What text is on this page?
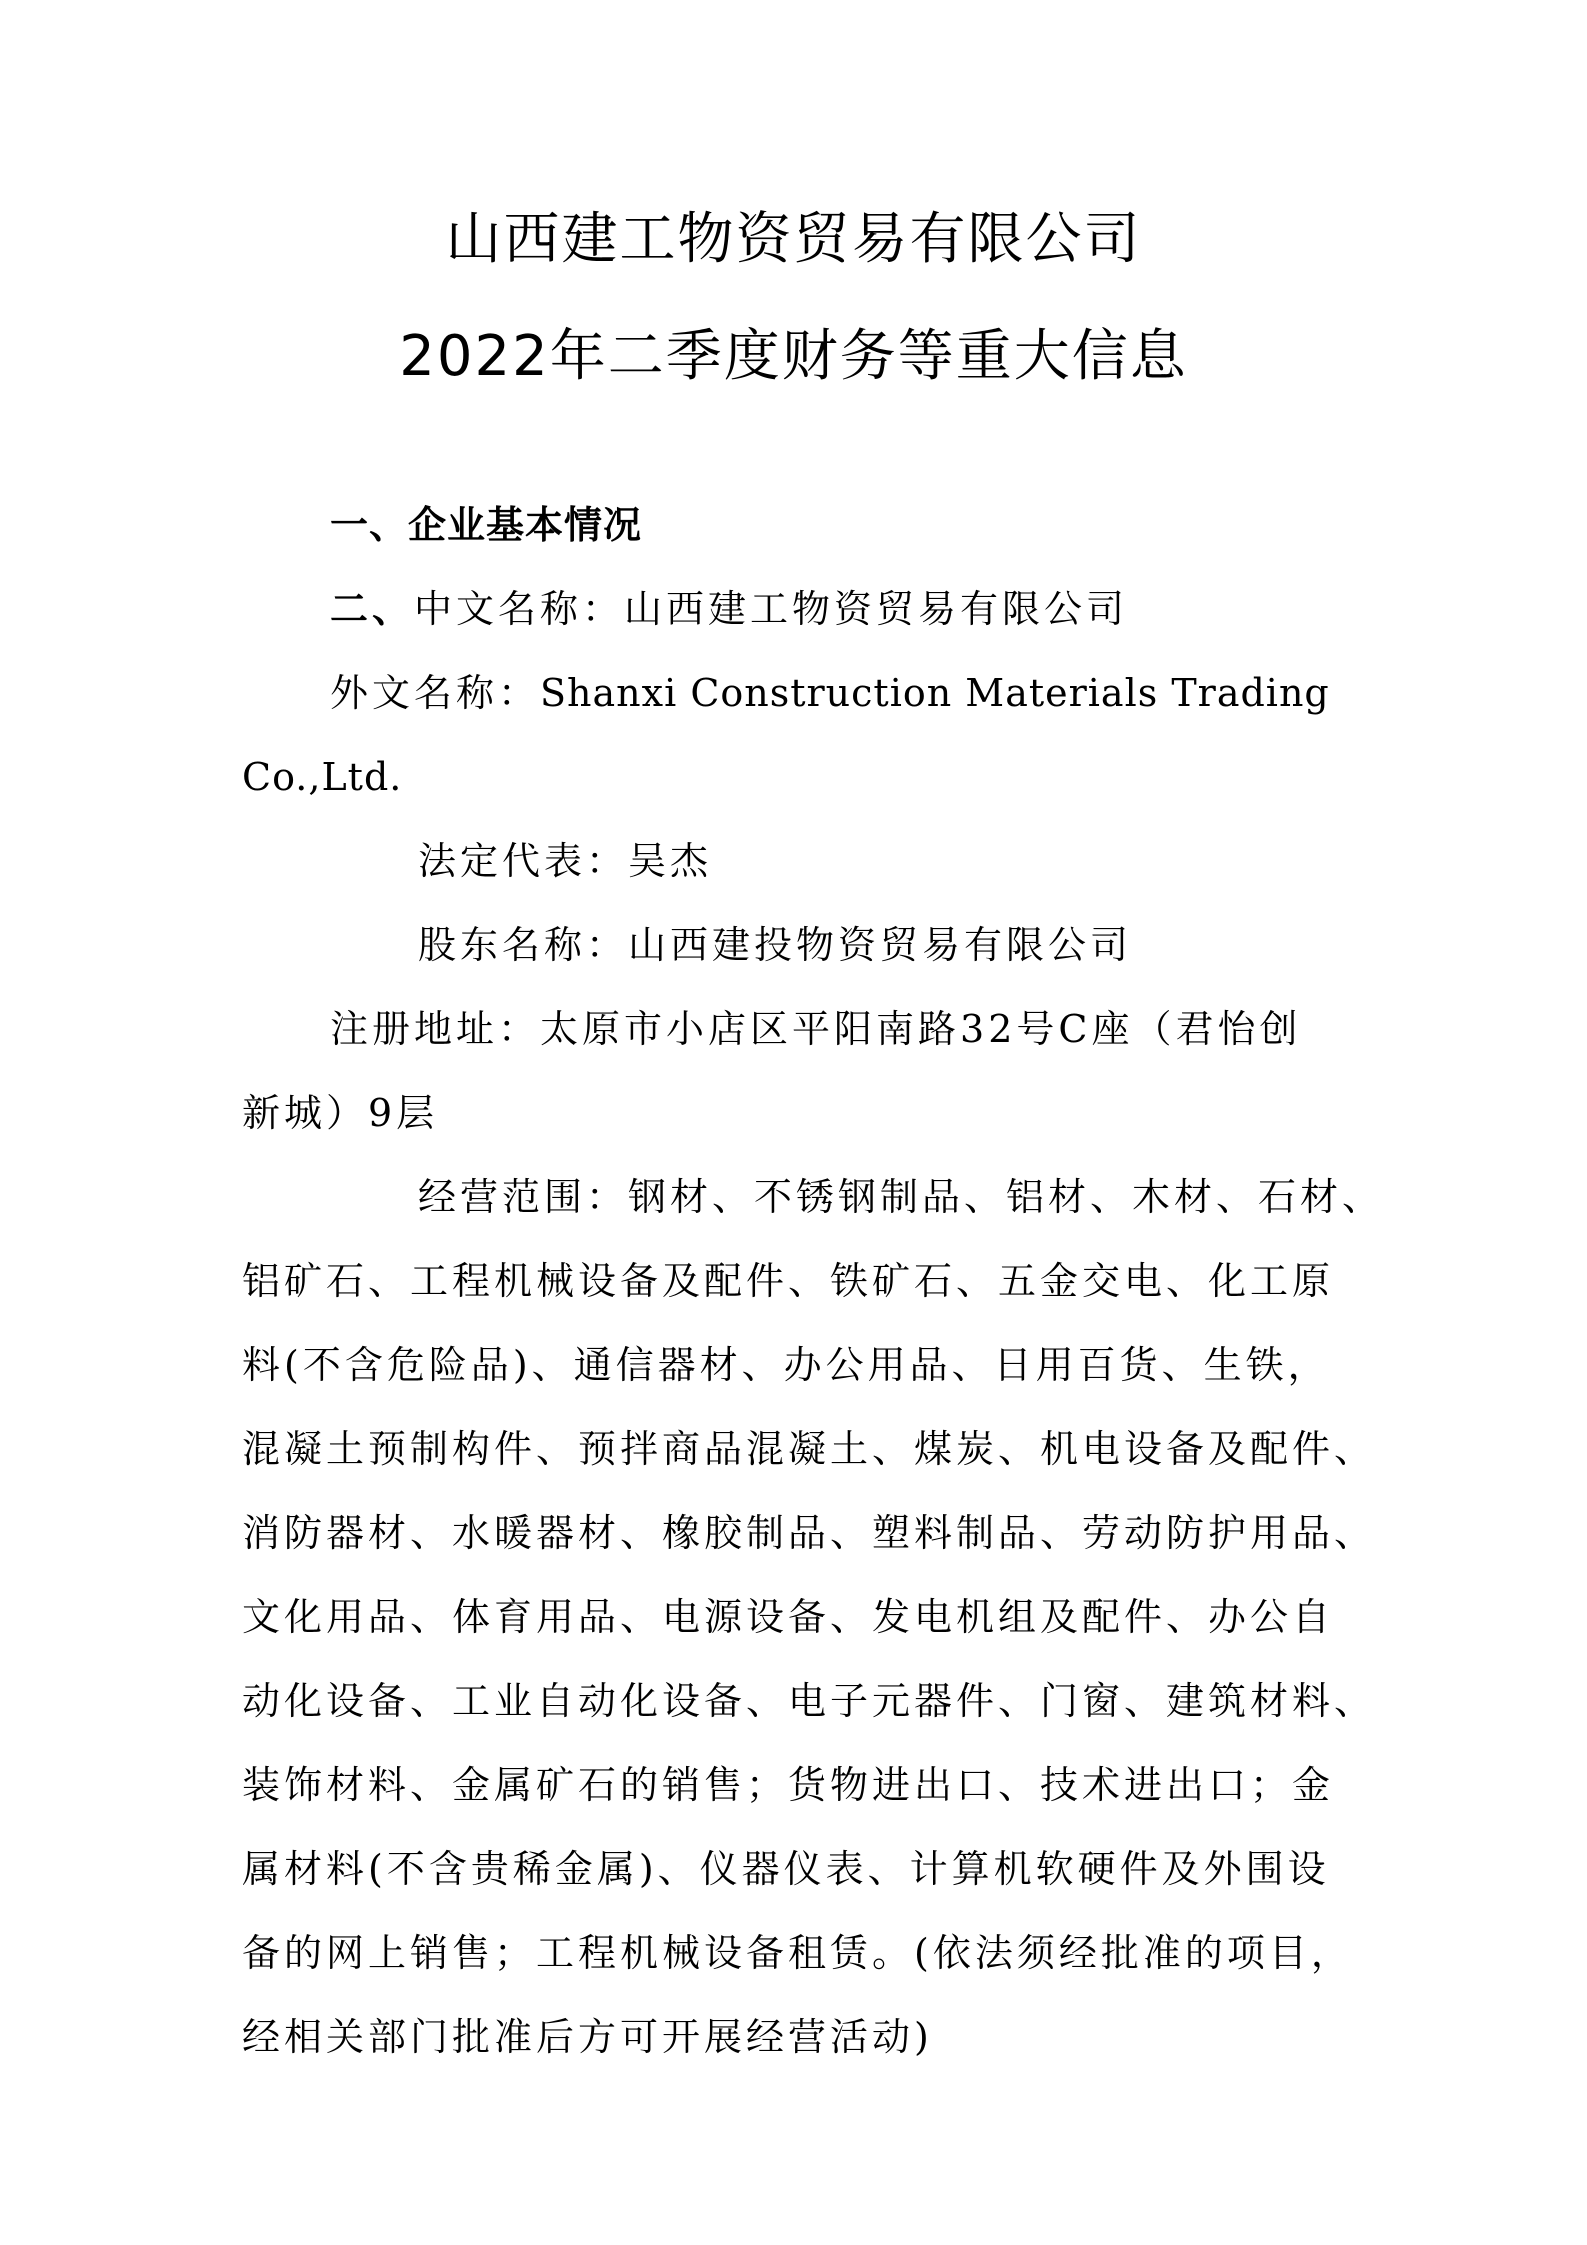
山西建工物资贸易有限公司
2022年二季度财务等重大信息
一、企业基本情况
二、中文名称：山西建工物资贸易有限公司
外文名称：Shanxi Construction Materials Trading
Co.,Ltd.
法定代表：吴杰
股东名称：山西建投物资贸易有限公司
注册地址：太原市小店区平阳南路32号C座（君怡创
新城）9层
经营范围：钢材、不锈钢制品、铝材、木材、石材、
铝矿石、工程机械设备及配件、铁矿石、五金交电、化工原
料(不含危险品)、通信器材、办公用品、日用百货、生铁，
混凝土预制构件、预拌商品混凝土、煤炭、机电设备及配件、
消防器材、水暖器材、橡胶制品、塑料制品、劳动防护用品、
文化用品、体育用品、电源设备、发电机组及配件、办公自
动化设备、工业自动化设备、电子元器件、门窗、建筑材料、
装饰材料、金属矿石的销售；货物进出口、技术进出口；金
属材料(不含贵稀金属)、仪器仪表、计算机软硬件及外围设
备的网上销售；工程机械设备租赁。(依法须经批准的项目，
经相关部门批准后方可开展经营活动)
